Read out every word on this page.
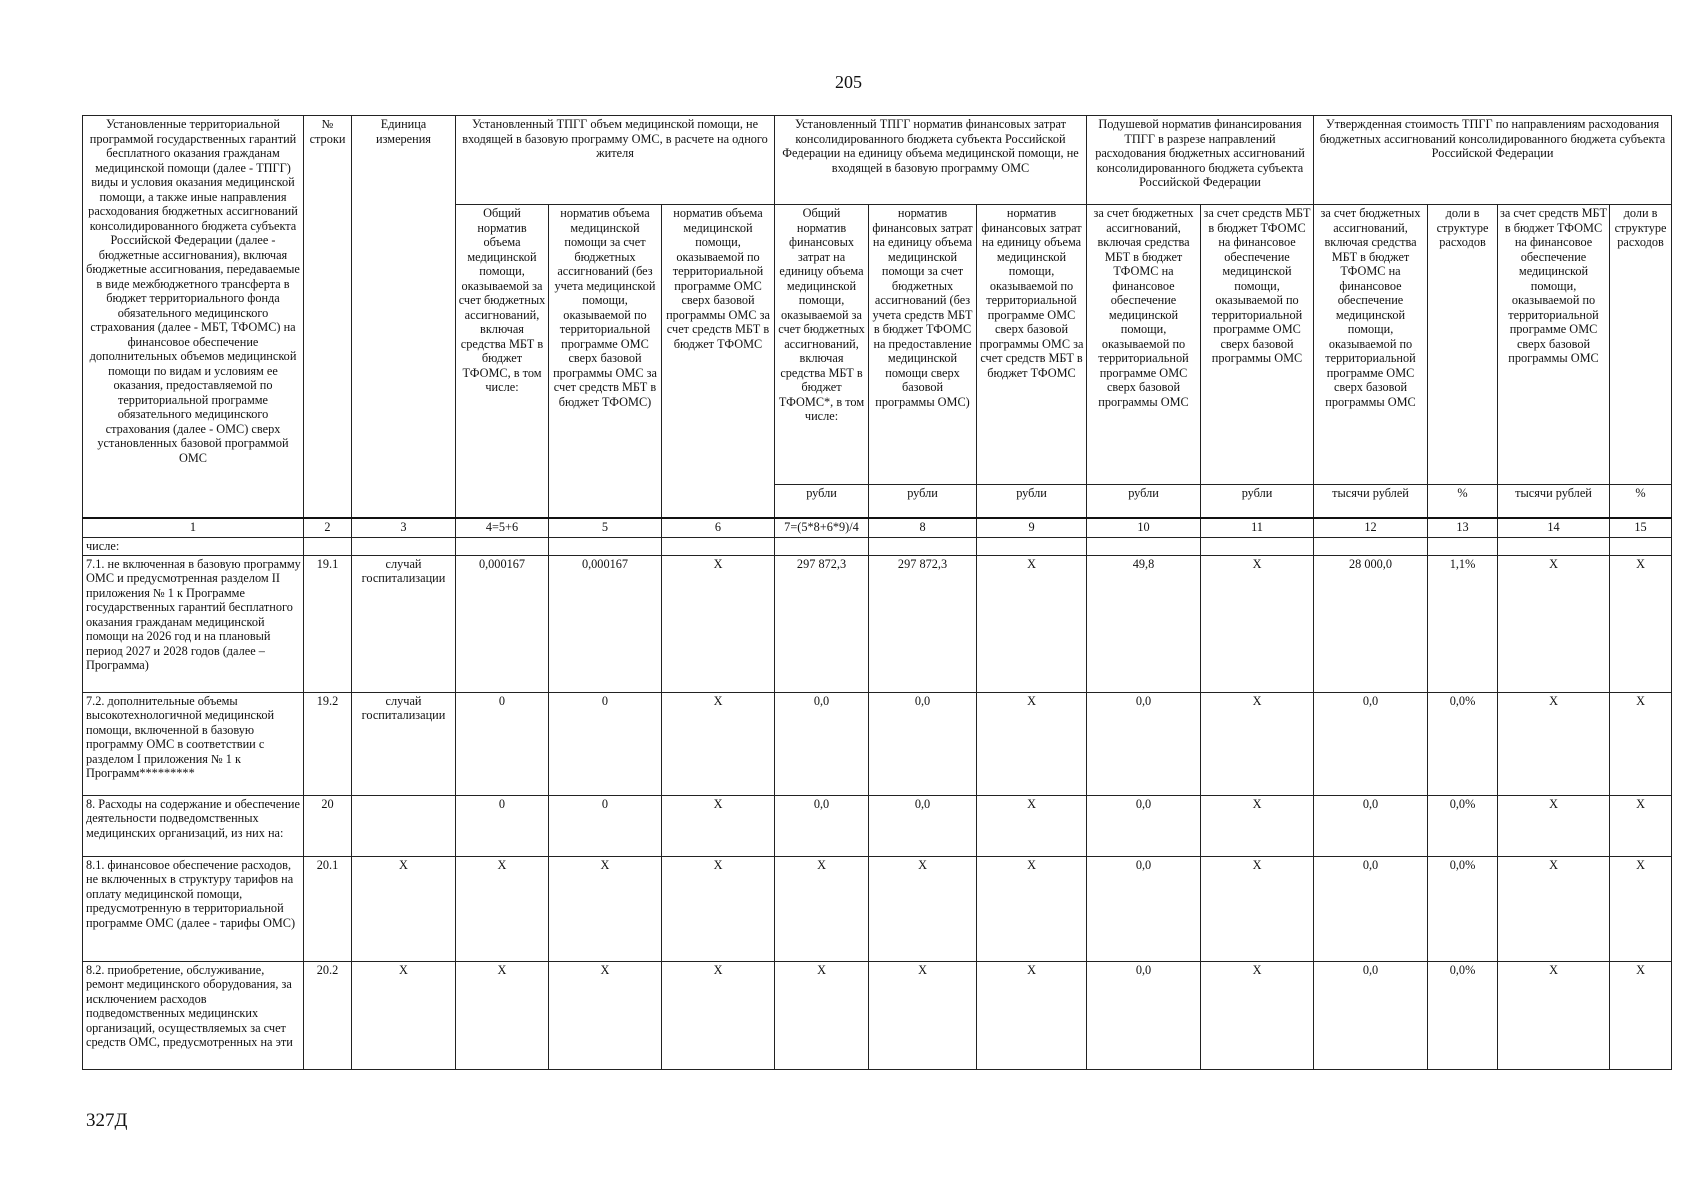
205
Установленные территориальной программой государственных гарантий бесплатного оказания гражданам медицинской помощи (далее - ТПГГ) виды и условия оказания медицинской помощи, а также иные направления расходования бюджетных ассигнований консолидированного бюджета субъекта Российской Федерации (далее - бюджетные ассигнования), включая бюджетные ассигнования, передаваемые в виде межбюджетного трансферта в бюджет территориального фонда обязательного медицинского страхования (далее - МБТ, ТФОМС) на финансовое обеспечение дополнительных объемов медицинской помощи по видам и условиям ее оказания, предоставляемой по территориальной программе обязательного медицинского страхования (далее - ОМС) сверх установленных базовой программой ОМС	№ строки	Единица измерения	Установленный ТПГГ объем медицинской помощи, не входящей в базовую программу ОМС, в расчете на одного жителя			Установленный ТПГГ норматив финансовых затрат консолидированного бюджета субъекта Российской Федерации на единицу объема медицинской помощи, не входящей в базовую программу ОМС			Подушевой норматив финансирования ТПГГ в разрезе направлений расходования бюджетных ассигнований консолидированного бюджета субъекта Российской Федерации		Утвержденная стоимость ТПГГ по направлениям расходования бюджетных ассигнований консолидированного бюджета субъекта Российской Федерации			
			Общий норматив объема медицинской помощи, оказываемой за счет бюджетных ассигнований, включая средства МБТ в бюджет ТФОМС, в том числе:	норматив объема медицинской помощи за счет бюджетных ассигнований (без учета медицинской помощи, оказываемой по территориальной программе ОМС сверх базовой программы ОМС за счет средств МБТ в бюджет ТФОМС)	норматив объема медицинской помощи, оказываемой по территориальной программе ОМС сверх базовой программы ОМС за счет средств МБТ в бюджет ТФОМС	Общий норматив финансовых затрат на единицу объема медицинской помощи, оказываемой за счет бюджетных ассигнований, включая средства МБТ в бюджет ТФОМС*, в том числе:	норматив финансовых затрат на единицу объема медицинской помощи за счет бюджетных ассигнований (без учета средств МБТ в бюджет ТФОМС на предоставление медицинской помощи сверх базовой программы ОМС)	норматив финансовых затрат на единицу объема медицинской помощи, оказываемой по территориальной программе ОМС сверх базовой программы ОМС за счет средств МБТ в бюджет ТФОМС	за счет бюджетных ассигнований, включая средства МБТ в бюджет ТФОМС на финансовое обеспечение медицинской помощи, оказываемой по территориальной программе ОМС сверх базовой программы ОМС	за счет средств МБТ в бюджет ТФОМС на финансовое обеспечение медицинской помощи, оказываемой по территориальной программе ОМС сверх базовой программы ОМС	за счет бюджетных ассигнований, включая средства МБТ в бюджет ТФОМС на финансовое обеспечение медицинской помощи, оказываемой по территориальной программе ОМС сверх базовой программы ОМС	доли в структуре расходов	за счет средств МБТ в бюджет ТФОМС на финансовое обеспечение медицинской помощи, оказываемой по территориальной программе ОМС сверх базовой программы ОМС	доли в структуре расходов
						рубли	рубли	рубли	рубли	рубли	тысячи рублей	%	тысячи рублей	%
1	2	3	4=5+6	5	6	7=(5*8+6*9)/4	8	9	10	11	12	13	14	15
числе:														
7.1. не включенная в базовую программу ОМС и предусмотренная разделом II приложения № 1 к Программе государственных гарантий бесплатного оказания гражданам медицинской помощи на 2026 год и на плановый период 2027 и 2028 годов (далее – Программа)	19.1	случай госпитализации	0,000167	0,000167	X	297 872,3	297 872,3	X	49,8	X	28 000,0	1,1%	X	X
7.2. дополнительные объемы высокотехнологичной медицинской помощи, включенной в базовую программу ОМС в соответствии с разделом I приложения № 1 к Программ*********	19.2	случай госпитализации	0	0	X	0,0	0,0	X	0,0	X	0,0	0,0%	X	X
8. Расходы на содержание и обеспечение деятельности подведомственных медицинских организаций, из них на:	20		0	0	X	0,0	0,0	X	0,0	X	0,0	0,0%	X	X
8.1. финансовое обеспечение расходов, не включенных в структуру тарифов на оплату медицинской помощи, предусмотренную в территориальной программе ОМС (далее - тарифы ОМС)	20.1	X	X	X	X	X	X	X	0,0	X	0,0	0,0%	X	X
8.2. приобретение, обслуживание, ремонт медицинского оборудования, за исключением расходов подведомственных медицинских организаций, осуществляемых за счет средств ОМС, предусмотренных на эти	20.2	X	X	X	X	X	X	X	0,0	X	0,0	0,0%	X	X
327Д
